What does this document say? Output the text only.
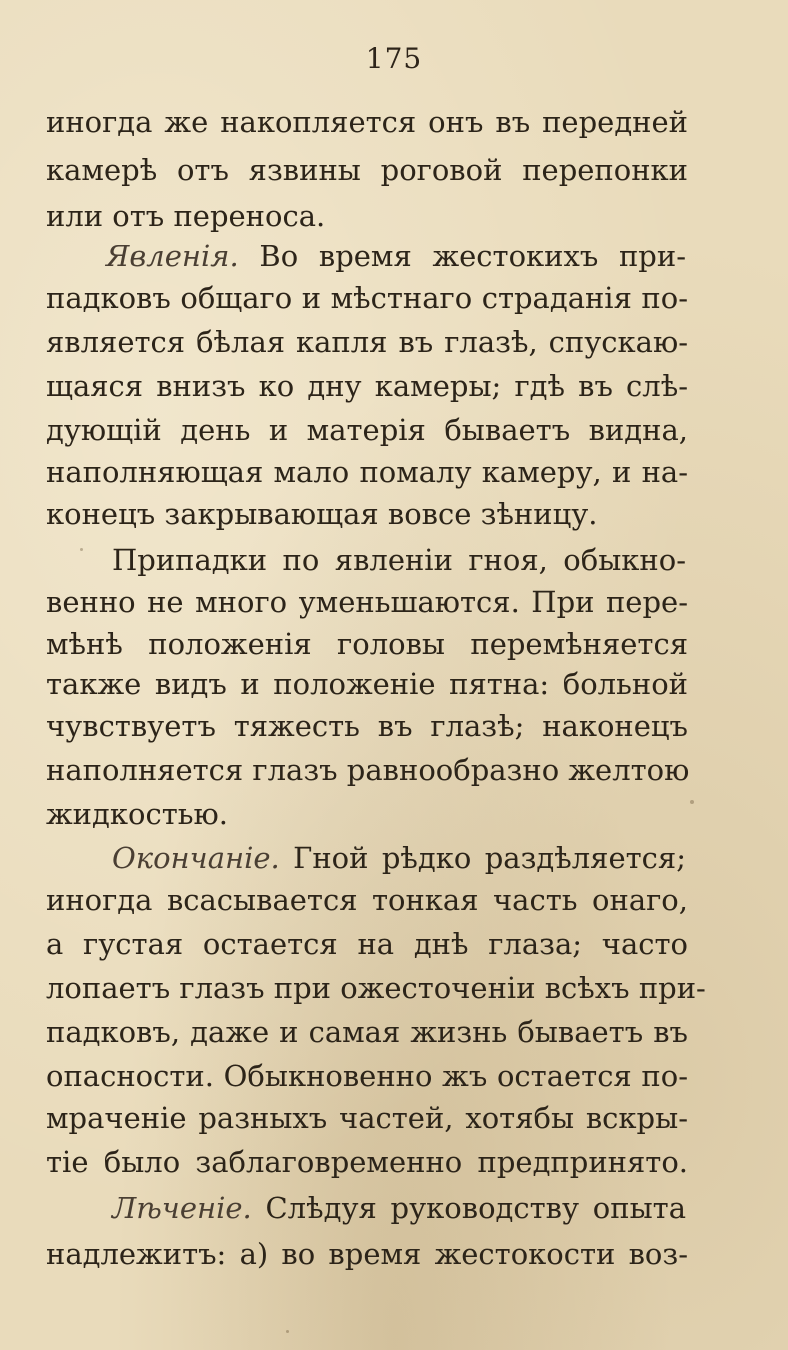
175
иногда же накопляется онъ въ передней
камерѣ отъ язвины роговой перепонки
или отъ переноса.
Явленія. Во время жестокихъ при-
падковъ общаго и мѣстнаго страданія по-
является бѣлая капля въ глазѣ, спускаю-
щаяся внизъ ко дну камеры; гдѣ въ слѣ-
дующій день и матерія бываетъ видна,
наполняющая мало помалу камеру, и на-
конецъ закрывающая вовсе зѣницу.
Припадки по явленіи гноя, обыкно-
венно не много уменьшаются. При пере-
мѣнѣ положенія головы перемѣняется
также видъ и положеніе пятна: больной
чувствуетъ тяжесть въ глазѣ; наконецъ
наполняется глазъ равнообразно желтою
жидкостью.
Окончаніе. Гной рѣдко раздѣляется;
иногда всасывается тонкая часть онаго,
а густая остается на днѣ глаза; часто
лопаетъ глазъ при ожесточеніи всѣхъ при-
падковъ, даже и самая жизнь бываетъ въ
опасности. Обыкновенно жъ остается по-
мраченіе разныхъ частей, хотябы вскры-
тіе было заблаговременно предпринято.
Лѣченіе. Слѣдуя руководству опыта
надлежитъ: а) во время жестокости воз-
